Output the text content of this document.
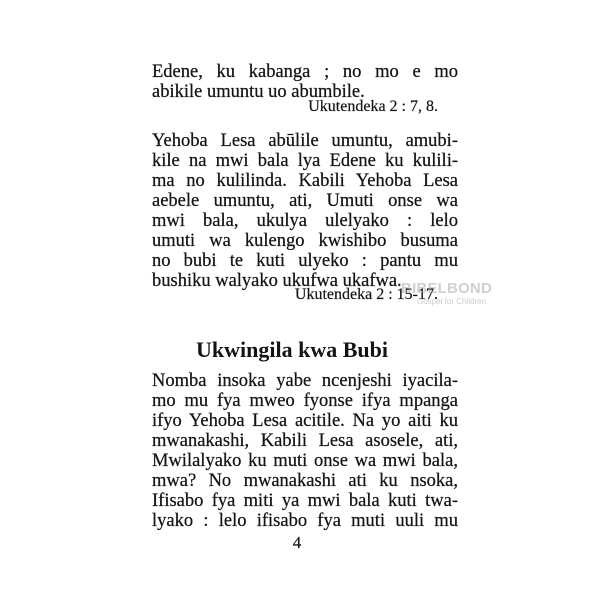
Edene, ku kabanga ; no mo e mo
abikile umuntu uo abumbile.
Ukutendeka 2 : 7, 8.
Yehoba Lesa abūlile umuntu, amubi-
kile na mwi bala lya Edene ku kulili-
ma no kulilinda. Kabili Yehoba Lesa
aebele umuntu, ati, Umuti onse wa
mwi bala, ukulya ulelyako : lelo
umuti wa kulengo kwishibo busuma
no bubi te kuti ulyeko : pantu mu
bushiku walyako ukufwa ukafwa.
Ukutendeka 2 : 15-17.
BIBELBOND
Gospel for Children
Ukwingila kwa Bubi
Nomba insoka yabe ncenjeshi iyacila-
mo mu fya mweo fyonse ifya mpanga
ifyo Yehoba Lesa acitile. Na yo aiti ku
mwanakashi, Kabili Lesa asosele, ati,
Mwilalyako ku muti onse wa mwi bala,
mwa? No mwanakashi ati ku nsoka,
Ifisabo fya miti ya mwi bala kuti twa-
lyako : lelo ifisabo fya muti uuli mu
4
